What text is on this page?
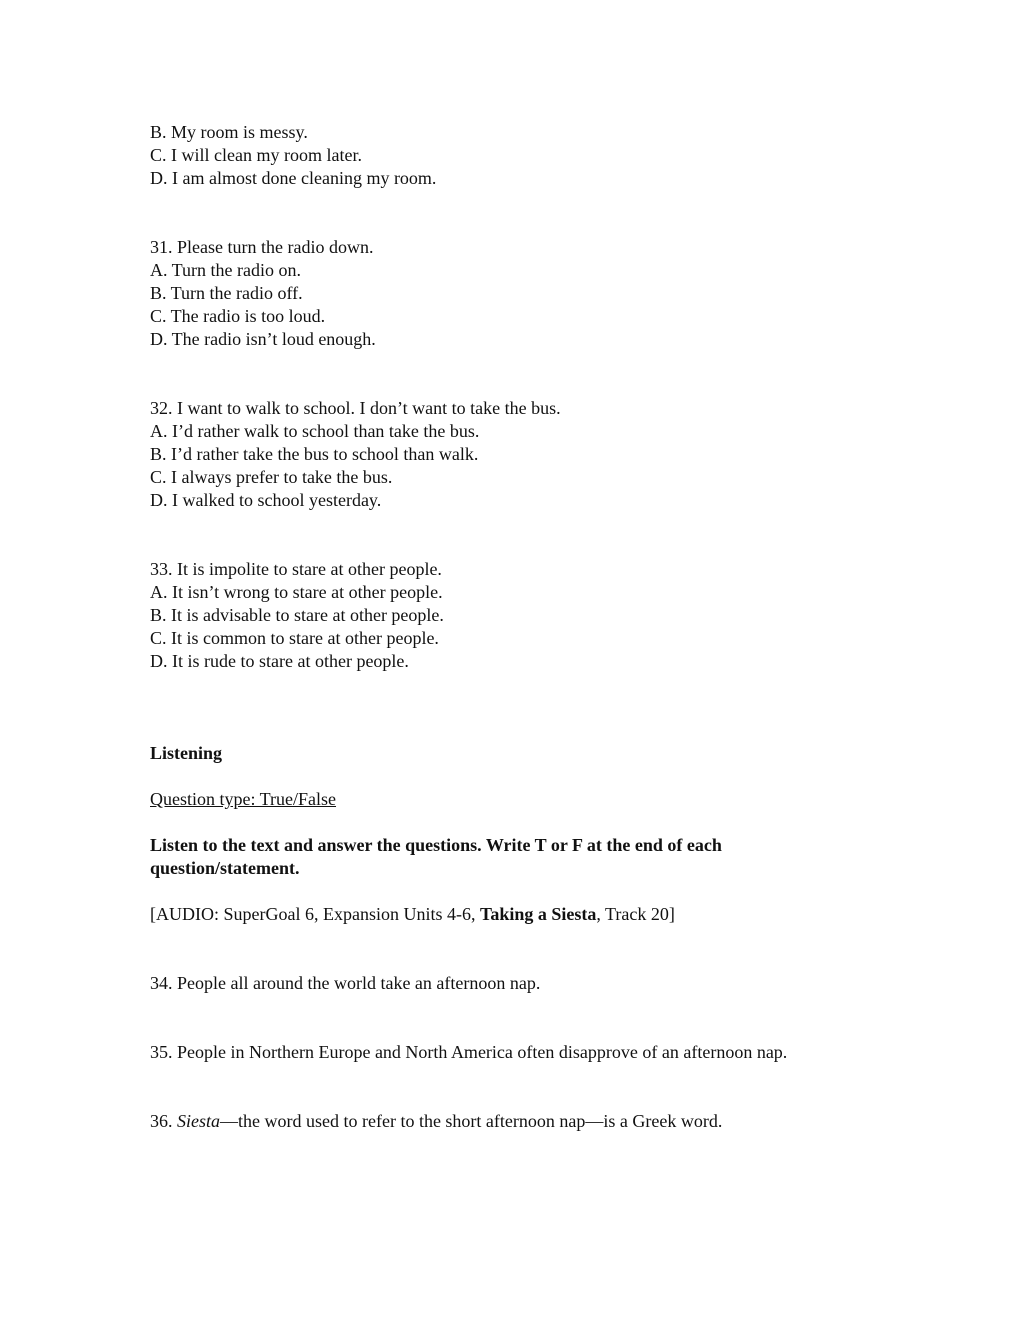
B. My room is messy.
C. I will clean my room later.
D. I am almost done cleaning my room.
31. Please turn the radio down.
A. Turn the radio on.
B. Turn the radio off.
C. The radio is too loud.
D. The radio isn’t loud enough.
32. I want to walk to school. I don’t want to take the bus.
A. I’d rather walk to school than take the bus.
B. I’d rather take the bus to school than walk.
C. I always prefer to take the bus.
D. I walked to school yesterday.
33. It is impolite to stare at other people.
A. It isn’t wrong to stare at other people.
B. It is advisable to stare at other people.
C. It is common to stare at other people.
D. It is rude to stare at other people.
Listening
Question type: True/False
Listen to the text and answer the questions. Write T or F at the end of each
question/statement.
[AUDIO: SuperGoal 6, Expansion Units 4-6, Taking a Siesta, Track 20]
34. People all around the world take an afternoon nap.
35. People in Northern Europe and North America often disapprove of an afternoon nap.
36. Siesta—the word used to refer to the short afternoon nap—is a Greek word.
